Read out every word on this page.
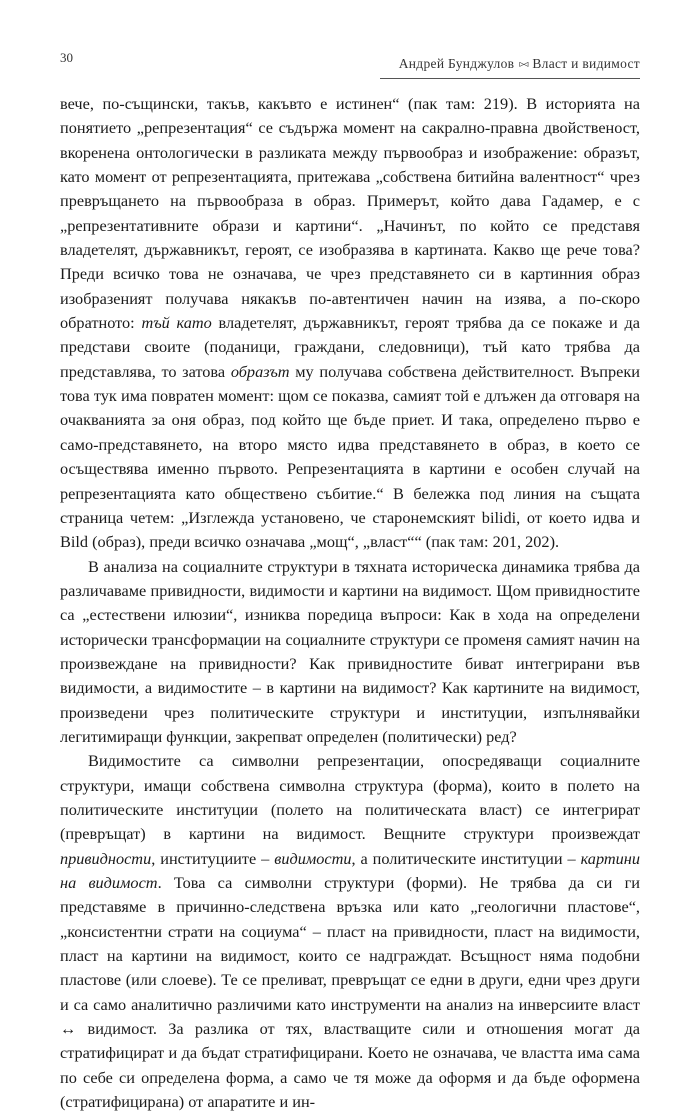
30	Андрей Бунджулов ▹◃ Власт и видимост

вече, по-същински, такъв, какъвто е истинен“ (пак там: 219). В историята на понятието „репрезентация“ се съдържа момент на сакрално-правна двойственост, вкоренена онтологически в разликата между първообраз и изображение: образът, като момент от репрезентацията, притежава „собствена битийна валентност“ чрез превръщането на първообраза в образ. Примерът, който дава Гадамер, е с „репрезентативните образи и картини“. „Начинът, по който се представя владетелят, държавникът, героят, се изобразява в картината. Какво ще рече това? Преди всичко това не означава, че чрез представянето си в картинния образ изобразеният получава някакъв по-автентичен начин на изява, а по-скоро обратното: тъй като владетелят, държавникът, героят трябва да се покаже и да представи своите (поданици, граждани, следовници), тъй като трябва да представлява, то затова образът му получава собствена действителност. Въпреки това тук има повратен момент: щом се показва, самият той е длъжен да отговаря на очакванията за оня образ, под който ще бъде приет. И така, определено първо е само-представянето, на второ място идва представянето в образ, в което се осъществява именно първото. Репрезентацията в картини е особен случай на репрезентацията като обществено събитие.“ В бележка под линия на същата страница четем: „Изглежда установено, че старонемският bilidi, от което идва и Bild (образ), преди всичко означава „мощ“, „власт““ (пак там: 201, 202).

В анализа на социалните структури в тяхната историческа динамика трябва да различаваме привидности, видимости и картини на видимост. Щом привидностите са „естествени илюзии“, изниква поредица въпроси: Как в хода на определени исторически трансформации на социалните структури се променя самият начин на произвеждане на привидности? Как привидностите биват интегрирани във видимости, а видимостите – в картини на видимост? Как картините на видимост, произведени чрез политическите структури и институции, изпълнявайки легитимиращи функции, закрепват определен (политически) ред?

Видимостите са символни репрезентации, опосредяващи социалните структури, имащи собствена символна структура (форма), които в полето на политическите институции (полето на политическата власт) се интегрират (превръщат) в картини на видимост. Вещните структури произвеждат привидности, институциите – видимости, а политическите институции – картини на видимост. Това са символни структури (форми). Не трябва да си ги представяме в причинно-следствена връзка или като „геологични пластове“, „консистентни страти на социума“ – пласт на привидности, пласт на видимости, пласт на картини на видимост, които се надграждат. Всъщност няма подобни пластове (или слоеве). Те се преливат, превръщат се едни в други, едни чрез други и са само аналитично различими като инструменти на анализ на инверсиите власт ↔ видимост. За разлика от тях, властващите сили и отношения могат да стратифицират и да бъдат стратифицирани. Което не означава, че властта има сама по себе си определена форма, а само че тя може да оформя и да бъде оформена (стратифицирана) от апаратите и ин-
